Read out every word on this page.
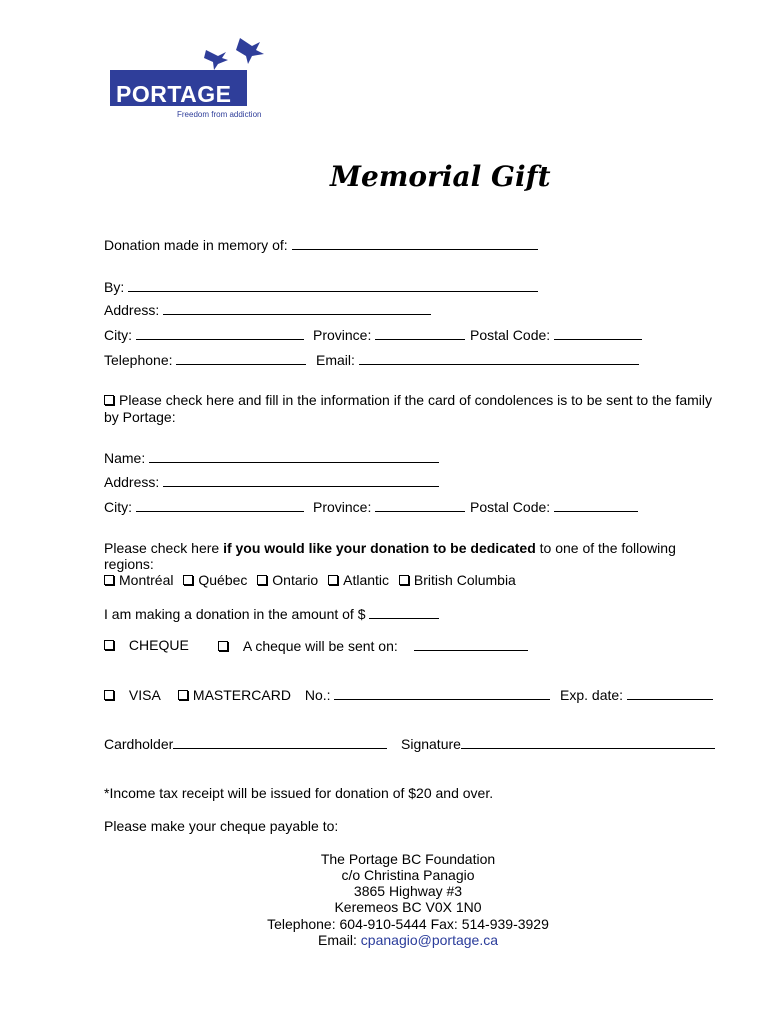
PORTAGE
Freedom from addiction
Memorial Gift
Donation made in memory of:
By:
Address:
City:	Province:	Postal Code:
Telephone:	Email:
Please check here and fill in the information if the card of condolences is to be sent to the family
by Portage:
Name:
Address:
City:	Province:	Postal Code:
Please check here if you would like your donation to be dedicated to one of the following
regions:
Montréal Québec Ontario Atlantic British Columbia
I am making a donation in the amount of $
CHEQUE	A cheque will be sent on:
VISA MASTERCARD No.:	Exp. date:
Cardholder	Signature
*Income tax receipt will be issued for donation of $20 and over.
Please make your cheque payable to:
The Portage BC Foundation
c/o Christina Panagio
3865 Highway #3
Keremeos BC V0X 1N0
Telephone: 604-910-5444 Fax: 514-939-3929
Email: cpanagio@portage.ca
